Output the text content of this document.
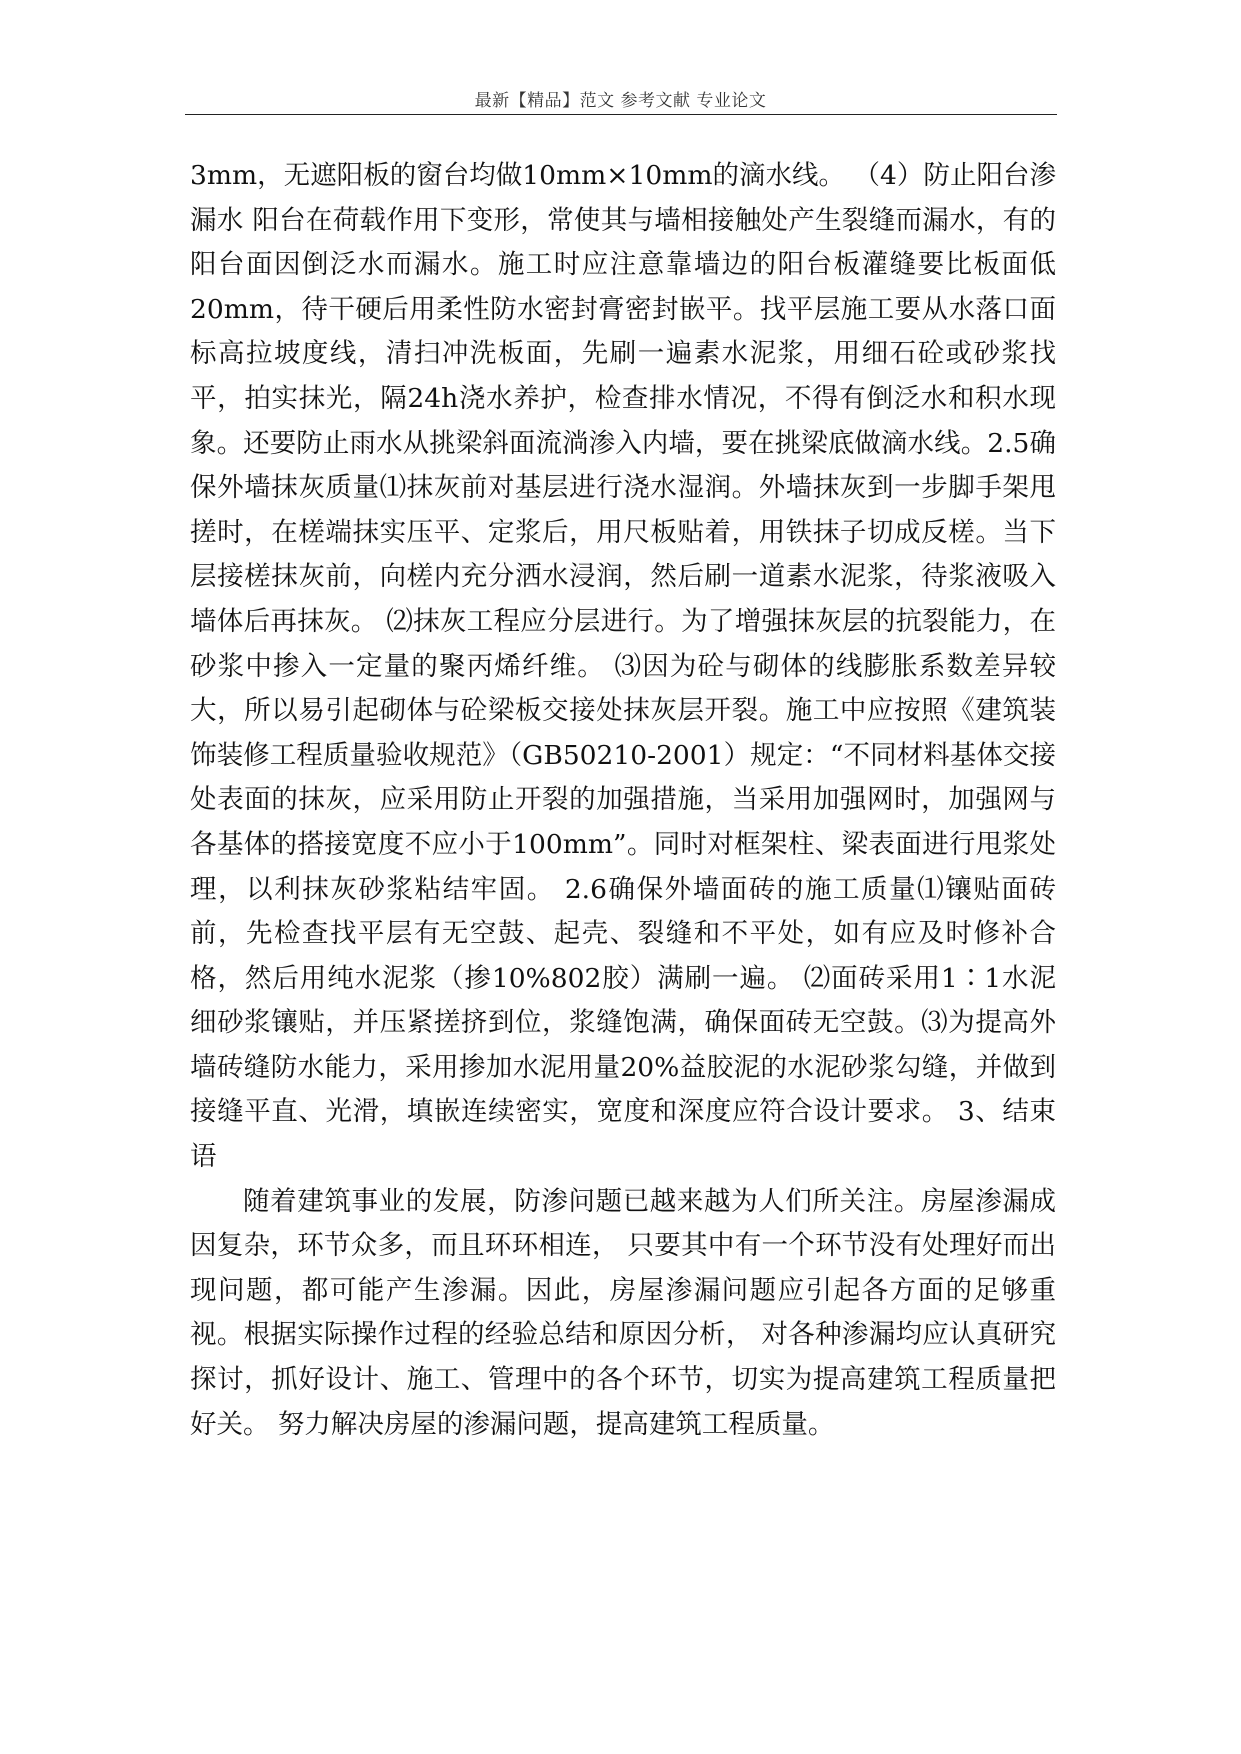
最新【精品】范文 参考文献 专业论文

3mm，无遮阳板的窗台均做10mm×10mm的滴水线。 （4）防止阳台渗漏水 阳台在荷载作用下变形，常使其与墙相接触处产生裂缝而漏水，有的阳台面因倒泛水而漏水。施工时应注意靠墙边的阳台板灌缝要比板面低20mm，待干硬后用柔性防水密封膏密封嵌平。找平层施工要从水落口面标高拉坡度线，清扫冲洗板面，先刷一遍素水泥浆，用细石砼或砂浆找平，拍实抹光，隔24h浇水养护，检查排水情况，不得有倒泛水和积水现象。还要防止雨水从挑梁斜面流淌渗入内墙，要在挑梁底做滴水线。2.5确保外墙抹灰质量⑴抹灰前对基层进行浇水湿润。外墙抹灰到一步脚手架甩搓时，在槎端抹实压平、定浆后，用尺板贴着，用铁抹子切成反槎。当下层接槎抹灰前，向槎内充分洒水浸润，然后刷一道素水泥浆，待浆液吸入墙体后再抹灰。 ⑵抹灰工程应分层进行。为了增强抹灰层的抗裂能力，在砂浆中掺入一定量的聚丙烯纤维。 ⑶因为砼与砌体的线膨胀系数差异较大，所以易引起砌体与砼梁板交接处抹灰层开裂。施工中应按照《建筑装饰装修工程质量验收规范》（GB50210-2001）规定：“不同材料基体交接处表面的抹灰，应采用防止开裂的加强措施，当采用加强网时，加强网与各基体的搭接宽度不应小于100mm”。同时对框架柱、梁表面进行甩浆处理，以利抹灰砂浆粘结牢固。 2.6确保外墙面砖的施工质量⑴镶贴面砖前，先检查找平层有无空鼓、起壳、裂缝和不平处，如有应及时修补合格，然后用纯水泥浆（掺10%802胶）满刷一遍。 ⑵面砖采用1∶1水泥细砂浆镶贴，并压紧搓挤到位，浆缝饱满，确保面砖无空鼓。⑶为提高外墙砖缝防水能力，采用掺加水泥用量20%益胶泥的水泥砂浆勾缝，并做到接缝平直、光滑，填嵌连续密实，宽度和深度应符合设计要求。 3、结束语

随着建筑事业的发展，防渗问题已越来越为人们所关注。房屋渗漏成因复杂，环节众多，而且环环相连， 只要其中有一个环节没有处理好而出现问题，都可能产生渗漏。因此，房屋渗漏问题应引起各方面的足够重视。根据实际操作过程的经验总结和原因分析， 对各种渗漏均应认真研究探讨，抓好设计、施工、管理中的各个环节，切实为提高建筑工程质量把好关。 努力解决房屋的渗漏问题，提高建筑工程质量。
